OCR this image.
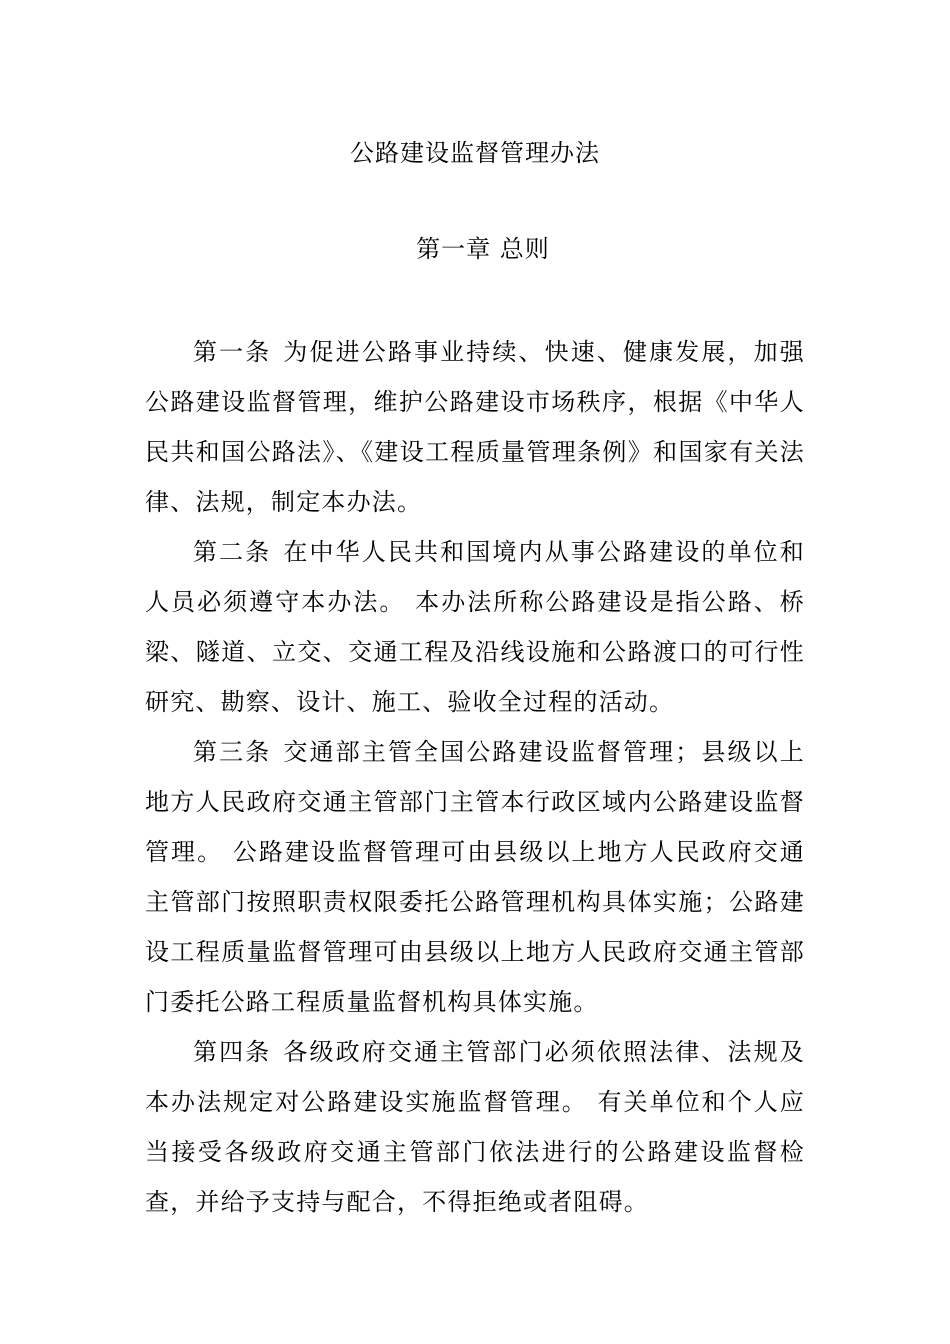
公路建设监督管理办法
第一章 总则

第一条 为促进公路事业持续、快速、健康发展，加强公路建设监督管理，维护公路建设市场秩序，根据《中华人民共和国公路法》、《建设工程质量管理条例》和国家有关法律、法规，制定本办法。

第二条 在中华人民共和国境内从事公路建设的单位和人员必须遵守本办法。 本办法所称公路建设是指公路、桥梁、隧道、立交、交通工程及沿线设施和公路渡口的可行性研究、勘察、设计、施工、验收全过程的活动。

第三条 交通部主管全国公路建设监督管理；县级以上地方人民政府交通主管部门主管本行政区域内公路建设监督管理。 公路建设监督管理可由县级以上地方人民政府交通主管部门按照职责权限委托公路管理机构具体实施；公路建设工程质量监督管理可由县级以上地方人民政府交通主管部门委托公路工程质量监督机构具体实施。

第四条 各级政府交通主管部门必须依照法律、法规及本办法规定对公路建设实施监督管理。 有关单位和个人应当接受各级政府交通主管部门依法进行的公路建设监督检查，并给予支持与配合，不得拒绝或者阻碍。
